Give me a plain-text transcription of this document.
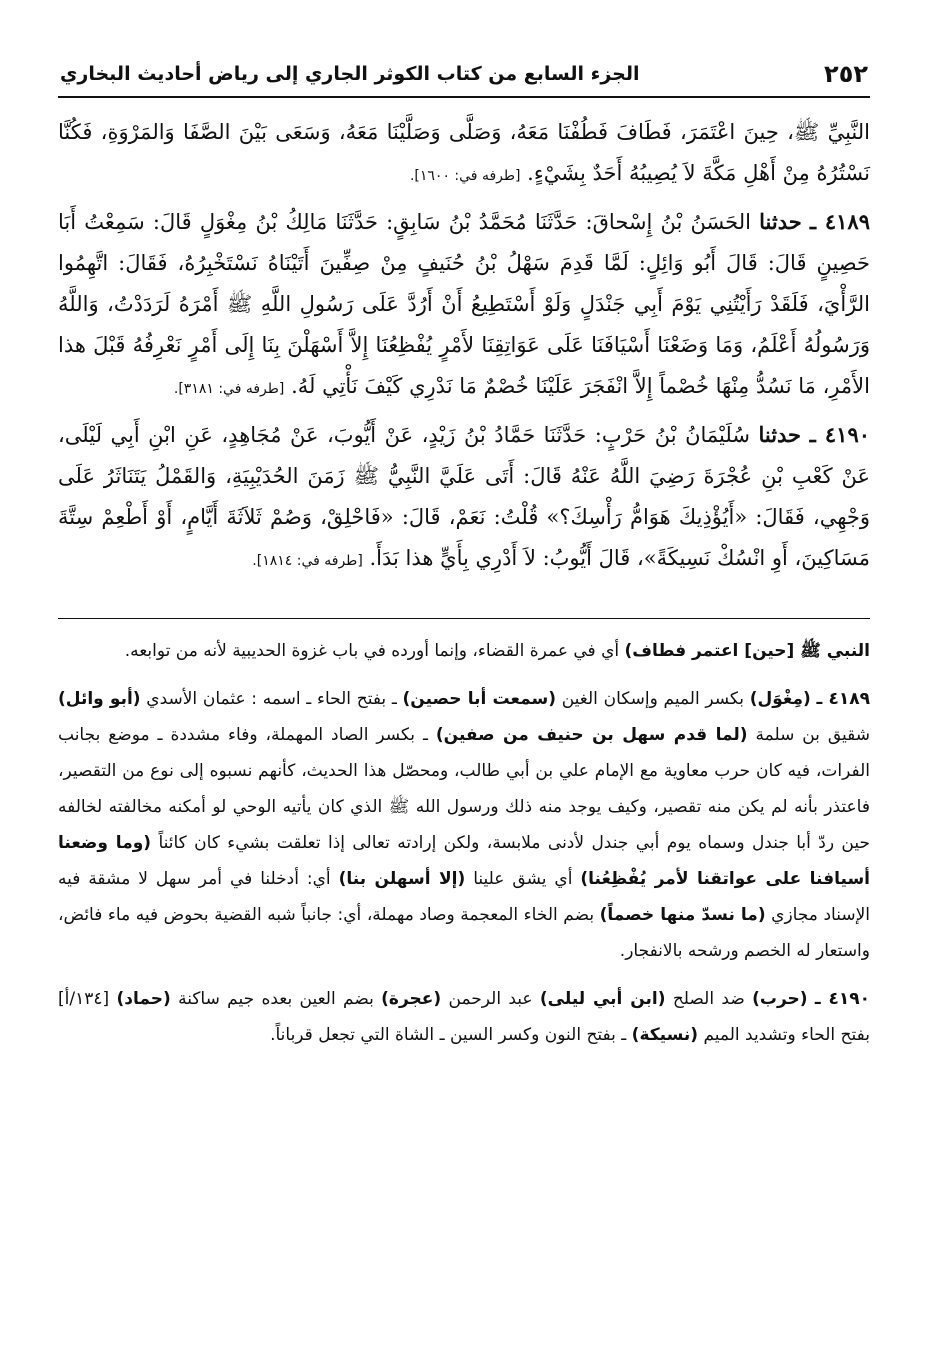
٢٥٢
الجزء السابع من كتاب الكوثر الجاري إلى رياض أحاديث البخاري

النَّبِيِّ ﷺ، حِينَ اعْتَمَرَ، فَطَافَ فَطُفْنَا مَعَهُ، وَصَلَّى وَصَلَّيْنَا مَعَهُ، وَسَعَى بَيْنَ الصَّفَا وَالمَرْوَةِ، فَكُنَّا نَسْتُرُهُ مِنْ أَهْلِ مَكَّةَ لاَ يُصِيبُهُ أَحَدٌ بِشَيْءٍ. [طرفه في: ١٦٠٠].

٤١٨٩ ـ حدثنا الحَسَنُ بْنُ إِسْحاقَ: حَدَّثَنَا مُحَمَّدُ بْنُ سَابِقٍ: حَدَّثَنَا مَالِكُ بْنُ مِغْوَلٍ قَالَ: سَمِعْتُ أَبَا حَصِينٍ قَالَ: قَالَ أَبُو وَائِلٍ: لَمَّا قَدِمَ سَهْلُ بْنُ حُنَيفٍ مِنْ صِفِّينَ أَتَيْنَاهُ نَسْتَخْبِرُهُ، فَقَالَ: اتَّهِمُوا الرَّأْيَ، فَلَقَدْ رَأَيْتُنِي يَوْمَ أَبِي جَنْدَلٍ وَلَوْ أَسْتَطِيعُ أَنْ أَرُدَّ عَلَى رَسُولِ اللَّهِ ﷺ أَمْرَهُ لَرَدَدْتُ، وَاللَّهُ وَرَسُولُهُ أَعْلَمُ، وَمَا وَضَعْنَا أَسْيَافَنَا عَلَى عَوَاتِقِنَا لأَمْرٍ يُفْظِعُنَا إِلاَّ أَسْهَلْنَ بِنَا إِلَى أَمْرٍ نَعْرِفُهُ قَبْلَ هذا الأَمْرِ، مَا نَسُدُّ مِنْهَا خُصْماً إِلاَّ انْفَجَرَ عَلَيْنَا خُصْمٌ مَا نَدْرِي كَيْفَ نَأْتِي لَهُ. [طرفه في: ٣١٨١].

٤١٩٠ ـ حدثنا سُلَيْمَانُ بْنُ حَرْبٍ: حَدَّثَنَا حَمَّادُ بْنُ زَيْدٍ، عَنْ أَيُّوبَ، عَنْ مُجَاهِدٍ، عَنِ ابْنِ أَبِي لَيْلَى، عَنْ كَعْبِ بْنِ عُجْرَةَ رَضِيَ اللَّهُ عَنْهُ قَالَ: أَتَى عَلَيَّ النَّبِيُّ ﷺ زَمَنَ الحُدَيْبِيَةِ، وَالقَمْلُ يَتَنَاثَرُ عَلَى وَجْهِي، فَقَالَ: «أَيُؤْذِيكَ هَوَامُّ رَأْسِكَ؟» قُلْتُ: نَعَمْ، قَالَ: «فَاحْلِقْ، وَصُمْ ثَلاَثَةَ أَيَّامٍ، أَوْ أَطْعِمْ سِتَّةَ مَسَاكِينَ، أَوِ انْسُكْ نَسِيكَةً»، قَالَ أَيُّوبُ: لاَ أَدْرِي بِأَيٍّ هذا بَدَأَ. [طرفه في: ١٨١٤].

النبي ﷺ [حين] اعتمر فطاف) أي في عمرة القضاء، وإنما أورده في باب غزوة الحديبية لأنه من توابعه.

٤١٨٩ ـ (مِغْوَل) بكسر الميم وإسكان الغين (سمعت أبا حصين) ـ بفتح الحاء ـ اسمه : عثمان الأسدي (أبو وائل) شقيق بن سلمة (لما قدم سهل بن حنيف من صفين) ـ بكسر الصاد المهملة، وفاء مشددة ـ موضع بجانب الفرات، فيه كان حرب معاوية مع الإمام علي بن أبي طالب، ومحصّل هذا الحديث، كأنهم نسبوه إلى نوع من التقصير، فاعتذر بأنه لم يكن منه تقصير، وكيف يوجد منه ذلك ورسول الله ﷺ الذي كان يأتيه الوحي لو أمكنه مخالفته لخالفه حين ردّ أبا جندل وسماه يوم أبي جندل لأدنى ملابسة، ولكن إرادته تعالى إذا تعلقت بشيء كان كائناً (وما وضعنا أسيافنا على عواتقنا لأمر يُفْظِعُنا) أي يشق علينا (إلا أسهلن بنا) أي: أدخلنا في أمر سهل لا مشقة فيه الإسناد مجازي (ما نسدّ منها خصماً) بضم الخاء المعجمة وصاد مهملة، أي: جانباً شبه القضية بحوض فيه ماء فائض، واستعار له الخصم ورشحه بالانفجار.

٤١٩٠ ـ (حرب) ضد الصلح (ابن أبي ليلى) عبد الرحمن (عجرة) بضم العين بعده جيم ساكنة (حماد) [١٣٤/أ] بفتح الحاء وتشديد الميم (نسيكة) ـ بفتح النون وكسر السين ـ الشاة التي تجعل قرباناً.
